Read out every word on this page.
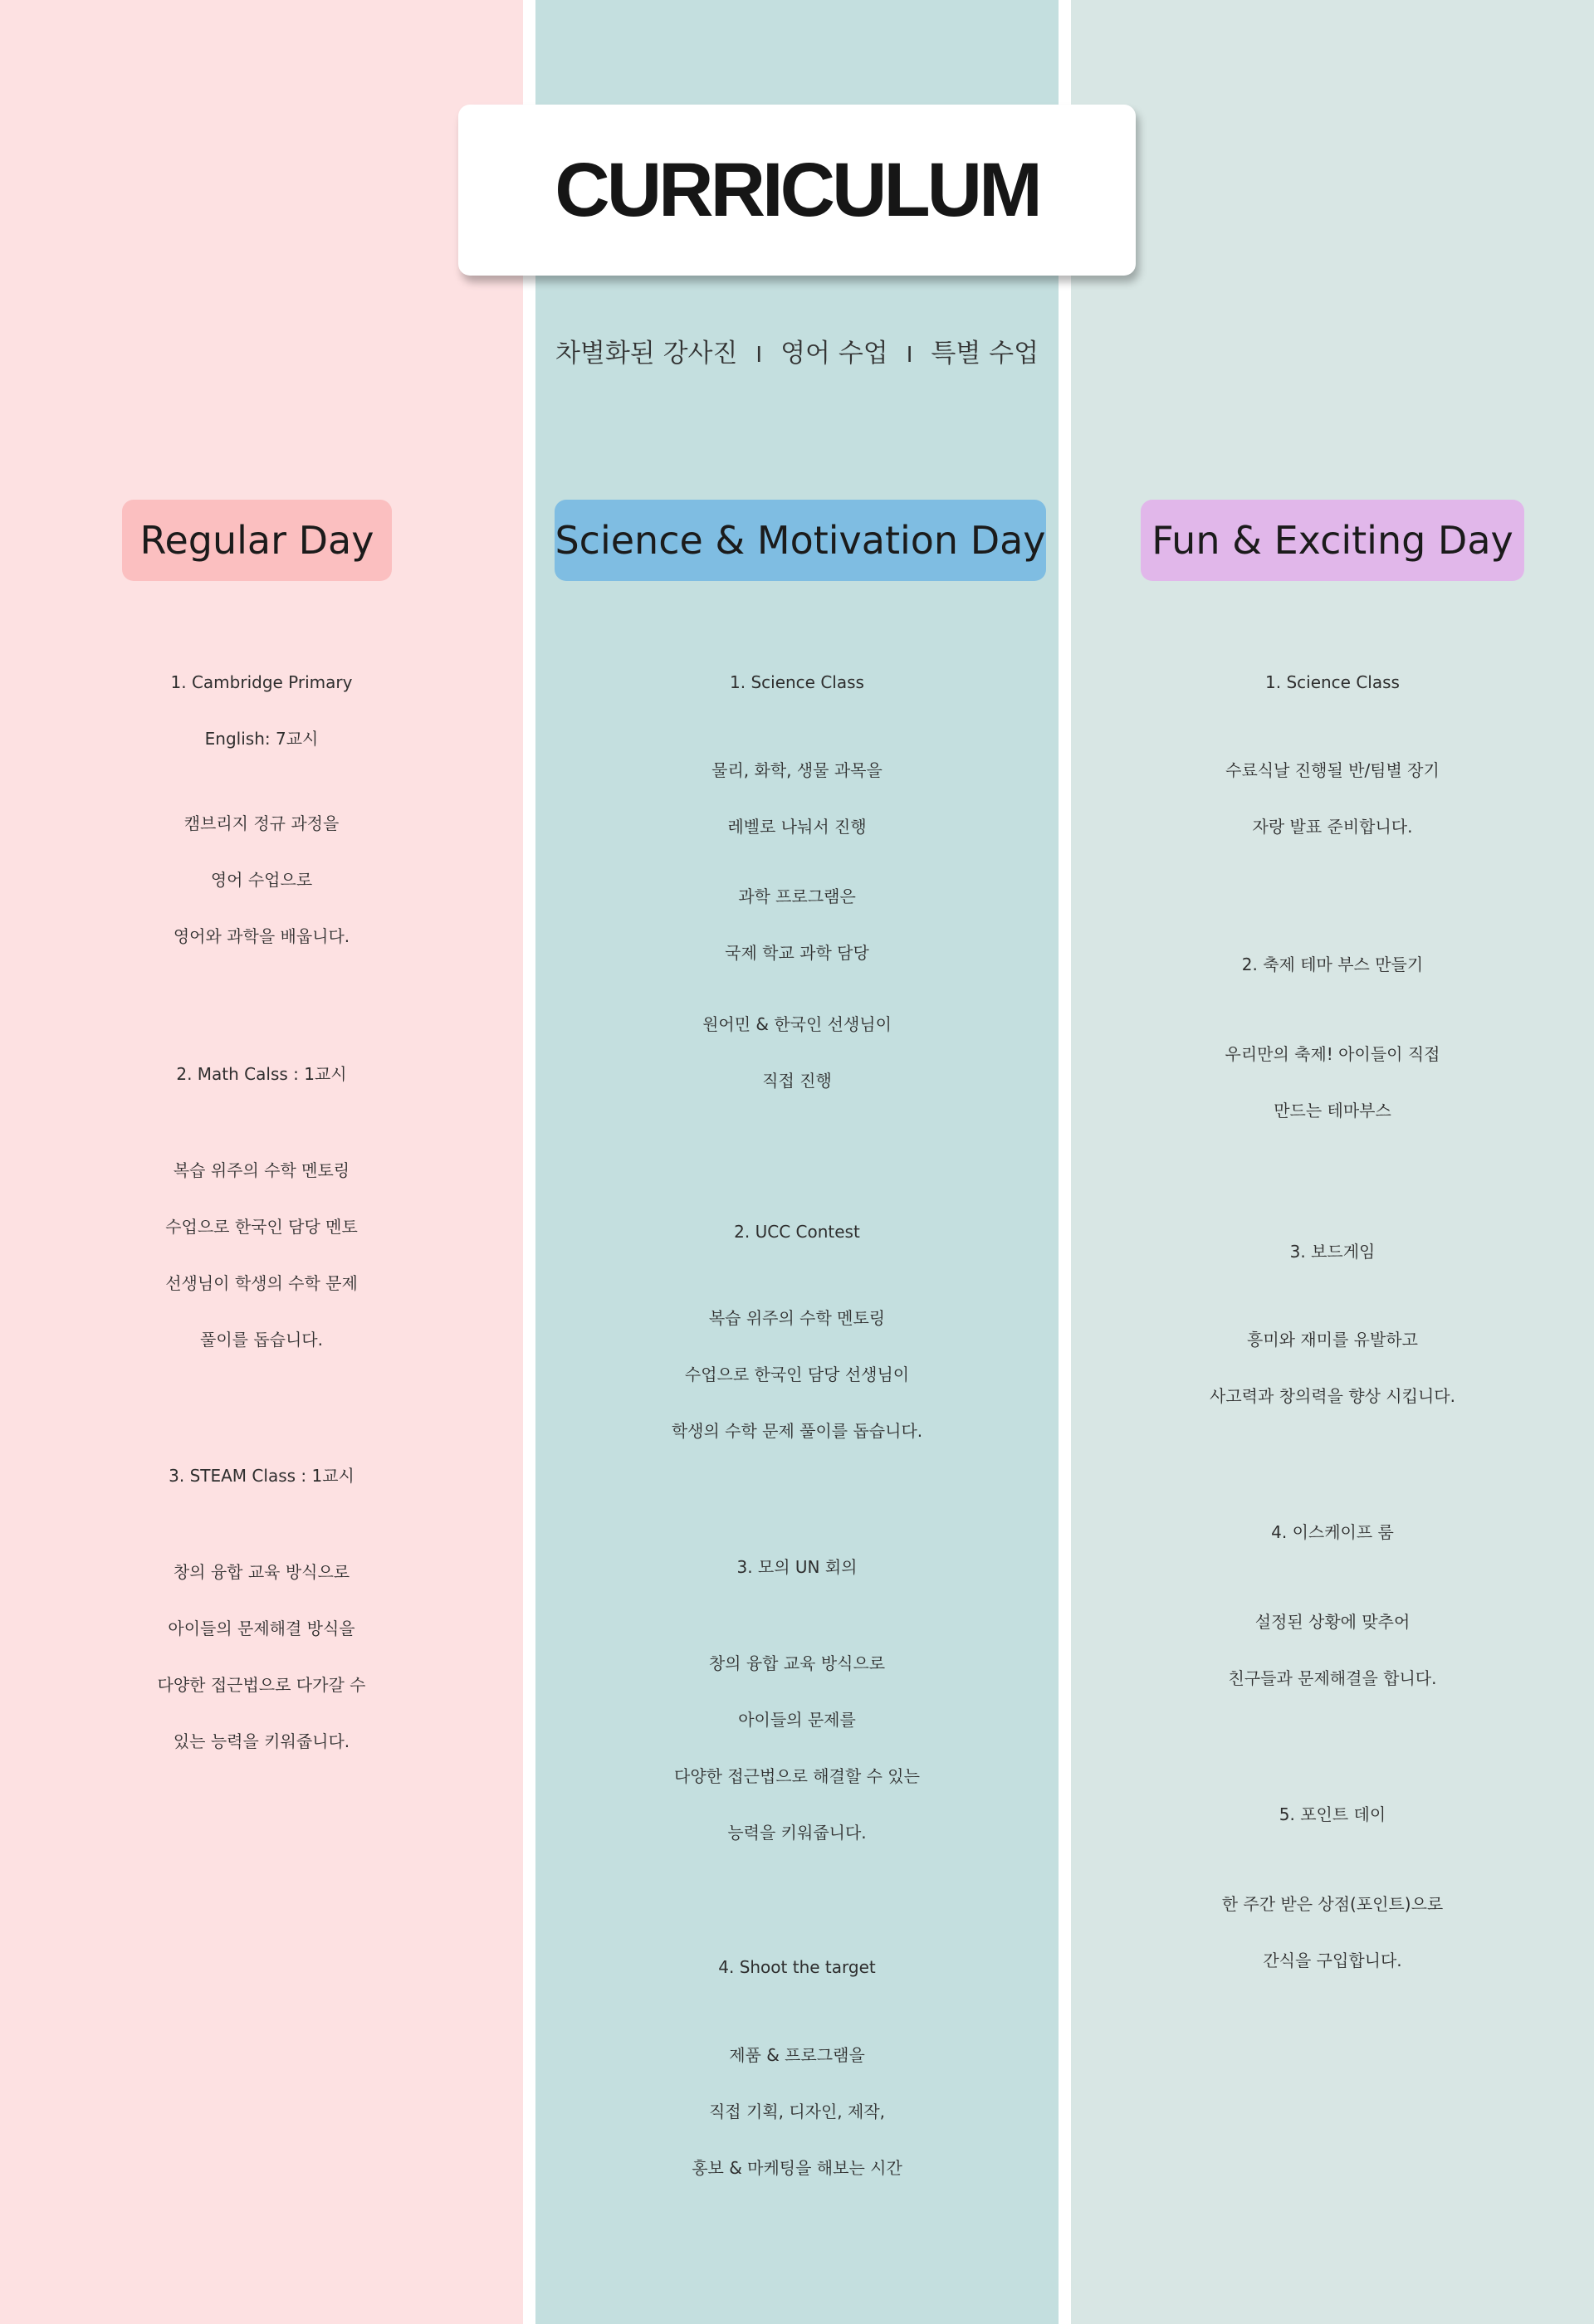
CURRICULUM
차별화된 강사진 I 영어 수업 I 특별 수업
Regular Day	Science & Motivation Day	Fun & Exciting Day
1. Cambridge Primary
English: 7교시
캠브리지 정규 과정을
영어 수업으로
영어와 과학을 배웁니다.
2. Math Calss : 1교시
복습 위주의 수학 멘토링
수업으로 한국인 담당 멘토
선생님이 학생의 수학 문제
풀이를 돕습니다.
3. STEAM Class : 1교시
창의 융합 교육 방식으로
아이들의 문제해결 방식을
다양한 접근법으로 다가갈 수
있는 능력을 키워줍니다.
1. Science Class
물리, 화학, 생물 과목을
레벨로 나눠서 진행
과학 프로그램은
국제 학교 과학 담당
원어민 & 한국인 선생님이
직접 진행
2. UCC Contest
복습 위주의 수학 멘토링
수업으로 한국인 담당 선생님이
학생의 수학 문제 풀이를 돕습니다.
3. 모의 UN 회의
창의 융합 교육 방식으로
아이들의 문제를
다양한 접근법으로 해결할 수 있는
능력을 키워줍니다.
4. Shoot the target
제품 & 프로그램을
직접 기획, 디자인, 제작,
홍보 & 마케팅을 해보는 시간
1. Science Class
수료식날 진행될 반/팀별 장기
자랑 발표 준비합니다.
2. 축제 테마 부스 만들기
우리만의 축제! 아이들이 직접
만드는 테마부스
3. 보드게임
흥미와 재미를 유발하고
사고력과 창의력을 향상 시킵니다.
4. 이스케이프 룸
설정된 상황에 맞추어
친구들과 문제해결을 합니다.
5. 포인트 데이
한 주간 받은 상점(포인트)으로
간식을 구입합니다.
